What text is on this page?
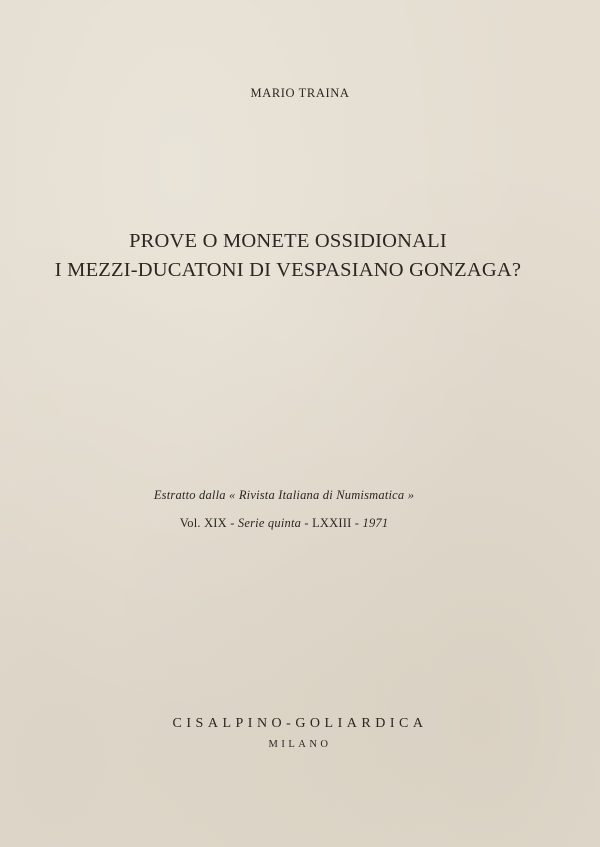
MARIO TRAINA
PROVE O MONETE OSSIDIONALI
I MEZZI-DUCATONI DI VESPASIANO GONZAGA?
Estratto dalla « Rivista Italiana di Numismatica »
Vol. XIX - Serie quinta - LXXIII - 1971
CISALPINO-GOLIARDICA
MILANO
